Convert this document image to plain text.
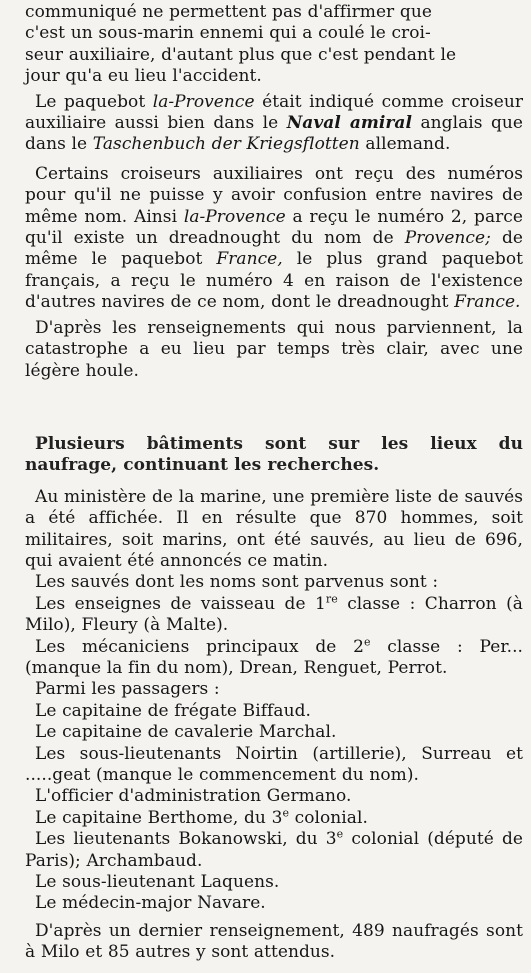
communiqué ne permettent pas d'affirmer que
c'est un sous-marin ennemi qui a coulé le croi-
seur auxiliaire, d'autant plus que c'est pendant le
jour qu'a eu lieu l'accident.

Le paquebot la-Provence était indiqué comme croiseur auxiliaire aussi bien dans le Naval amiral anglais que dans le Taschenbuch der Kriegsflotten allemand.

Certains croiseurs auxiliaires ont reçu des numéros pour qu'il ne puisse y avoir confusion entre navires de même nom. Ainsi la-Provence a reçu le numéro 2, parce qu'il existe un dreadnought du nom de Provence; de même le paquebot France, le plus grand paquebot français, a reçu le numéro 4 en raison de l'existence d'autres navires de ce nom, dont le dreadnought France.

D'après les renseignements qui nous parviennent, la catastrophe a eu lieu par temps très clair, avec une légère houle.

Plusieurs bâtiments sont sur les lieux du naufrage, continuant les recherches.

Au ministère de la marine, une première liste de sauvés a été affichée. Il en résulte que 870 hommes, soit militaires, soit marins, ont été sauvés, au lieu de 696, qui avaient été annoncés ce matin.

Les sauvés dont les noms sont parvenus sont :

Les enseignes de vaisseau de 1re classe : Charron (à Milo), Fleury (à Malte).

Les mécaniciens principaux de 2e classe : Per... (manque la fin du nom), Drean, Renguet, Perrot.

Parmi les passagers :

Le capitaine de frégate Biffaud.

Le capitaine de cavalerie Marchal.

Les sous-lieutenants Noirtin (artillerie), Surreau et .....geat (manque le commencement du nom).

L'officier d'administration Germano.

Le capitaine Berthome, du 3e colonial.

Les lieutenants Bokanowski, du 3e colonial (député de Paris); Archambaud.

Le sous-lieutenant Laquens.

Le médecin-major Navare.

D'après un dernier renseignement, 489 naufragés sont à Milo et 85 autres y sont attendus.
